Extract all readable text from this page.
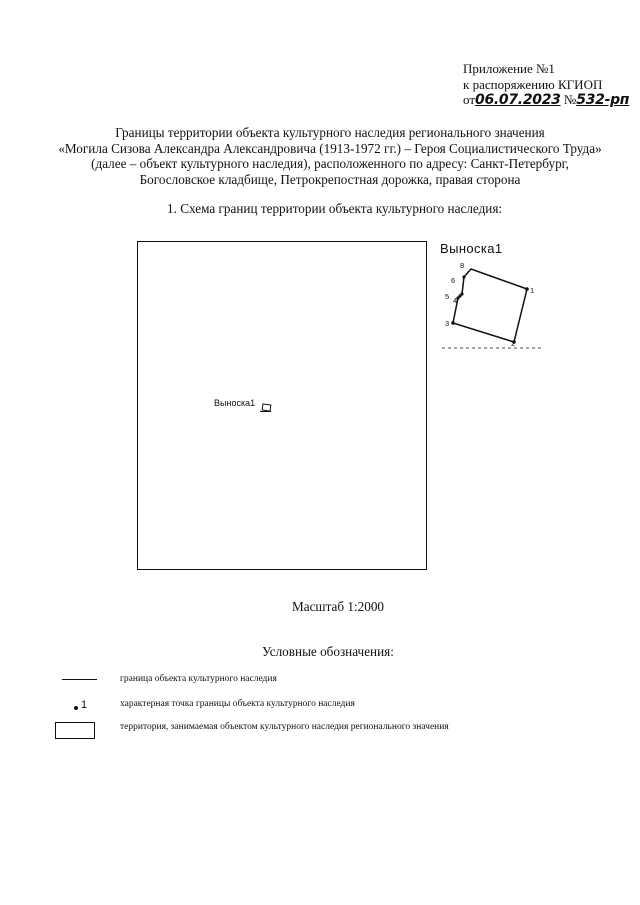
Приложение №1
к распоряжению КГИОП
от06.07.2023 №532-рп
Границы территории объекта культурного наследия регионального значения
«Могила Сизова Александра Александровича (1913-1972 гг.) – Героя Социалистического Труда»
(далее – объект культурного наследия), расположенного по адресу: Санкт-Петербург,
Богословское кладбище, Петрокрепостная дорожка, правая сторона
1. Схема границ территории объекта культурного наследия:
Выноска1
Выноска1
1
2
3
4
5
6
8
Масштаб 1:2000
Условные обозначения:
граница объекта культурного наследия
1	характерная точка границы объекта культурного наследия
территория, занимаемая объектом культурного наследия регионального значения
